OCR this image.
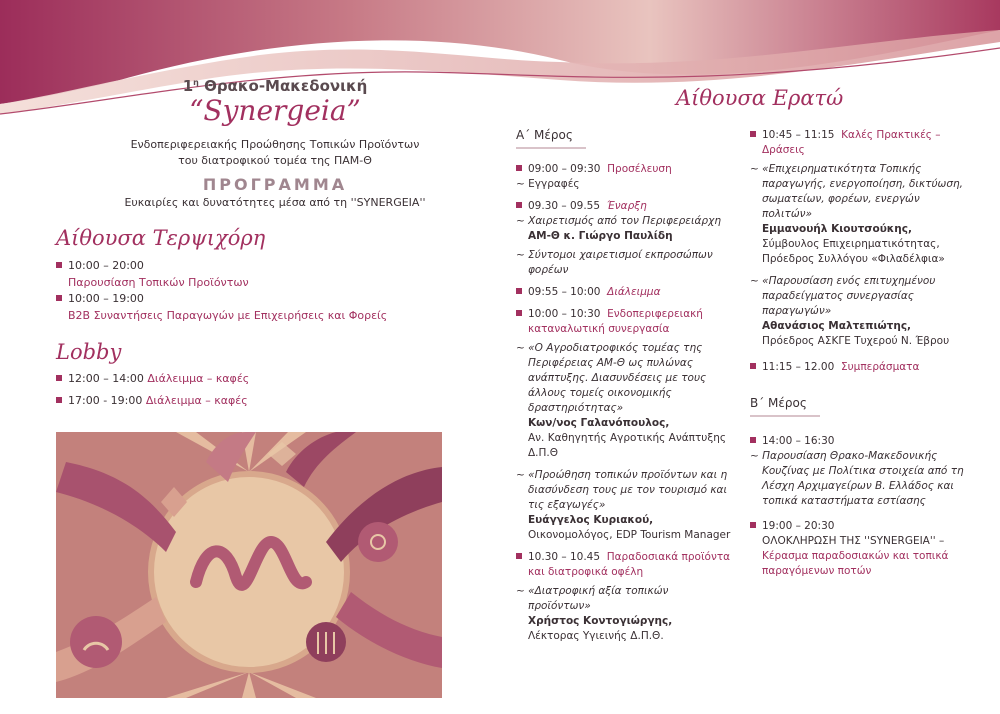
$1^\eta$ Θρακο-Μακεδονική
“Synergeia”
Ενδοπεριφερειακής Προώθησης Τοπικών Προϊόντων
του διατροφικού τομέα της ΠΑΜ-Θ
ΠΡΟΓΡΑΜΜΑ
Ευκαιρίες και δυνατότητες μέσα από τη ''SYNERGEIA''
Αίθουσα Τερψιχόρη
10:00 – 20:00
Παρουσίαση Τοπικών Προϊόντων
10:00 – 19:00
Β2Β Συναντήσεις Παραγωγών με Επιχειρήσεις και Φορείς
Lobby
12:00 – 14:00 Διάλειμμα – καφές
17:00 - 19:00 Διάλειμμα – καφές
Αίθουσα Ερατώ
Α΄ Μέρος
09:00 – 09:30 Προσέλευση
~ Εγγραφές
09.30 – 09.55 Έναρξη
~ Χαιρετισμός από τον Περιφερειάρχη
ΑΜ-Θ κ. Γιώργο Παυλίδη
~ Σύντομοι χαιρετισμοί εκπροσώπων φορέων
09:55 – 10:00 Διάλειμμα
10:00 – 10:30 Ενδοπεριφερειακή καταναλωτική συνεργασία
~ «Ο Αγροδιατροφικός τομέας της Περιφέρειας ΑΜ-Θ ως πυλώνας ανάπτυξης. Διασυνδέσεις με τους άλλους τομείς οικονομικής δραστηριότητας»
Κων/νος Γαλανόπουλος,
Αν. Καθηγητής Αγροτικής Ανάπτυξης Δ.Π.Θ
~ «Προώθηση τοπικών προϊόντων και η διασύνδεση τους με τον τουρισμό και τις εξαγωγές»
Ευάγγελος Κυριακού,
Οικονομολόγος, EDP Tourism Manager
10.30 – 10.45 Παραδοσιακά προϊόντα και διατροφικά οφέλη
~ «Διατροφική αξία τοπικών προϊόντων»
Χρήστος Κοντογιώργης,
Λέκτορας Υγιεινής Δ.Π.Θ.
10:45 – 11:15 Καλές Πρακτικές – Δράσεις
~ «Επιχειρηματικότητα Τοπικής παραγωγής, ενεργοποίηση, δικτύωση, σωματείων, φορέων, ενεργών πολιτών»
Εμμανουήλ Κιουτσούκης,
Σύμβουλος Επιχειρηματικότητας, Πρόεδρος Συλλόγου «Φιλαδέλφια»
~ «Παρουσίαση ενός επιτυχημένου παραδείγματος συνεργασίας παραγωγών»
Αθανάσιος Μαλτεπιώτης,
Πρόεδρος ΑΣΚΓΕ Τυχερού Ν. Έβρου
11:15 – 12.00 Συμπεράσματα
Β΄ Μέρος
14:00 – 16:30
~ Παρουσίαση Θρακο-Μακεδονικής Κουζίνας με Πολίτικα στοιχεία από τη Λέσχη Αρχιμαγείρων Β. Ελλάδος και τοπικά καταστήματα εστίασης
19:00 – 20:30
ΟΛΟΚΛΗΡΩΣΗ ΤΗΣ ''SYNERGEIA'' –
Κέρασμα παραδοσιακών και τοπικά παραγόμενων ποτών
